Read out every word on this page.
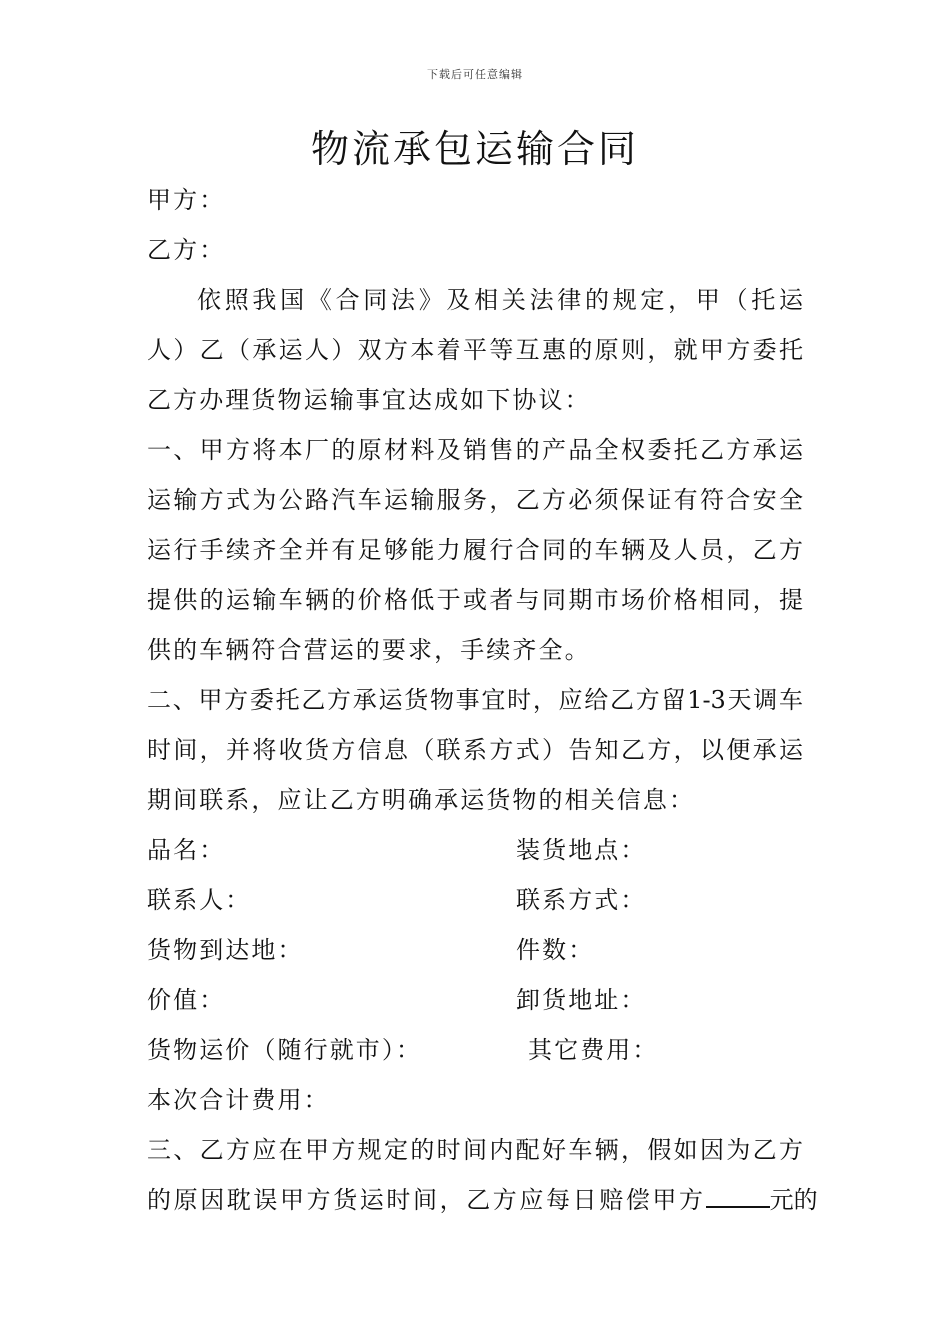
下载后可任意编辑
物流承包运输合同
甲方：
乙方：
依照我国《合同法》及相关法律的规定，甲（托运
人）乙（承运人）双方本着平等互惠的原则，就甲方委托
乙方办理货物运输事宜达成如下协议：
一、甲方将本厂的原材料及销售的产品全权委托乙方承运
运输方式为公路汽车运输服务，乙方必须保证有符合安全
运行手续齐全并有足够能力履行合同的车辆及人员，乙方
提供的运输车辆的价格低于或者与同期市场价格相同，提
供的车辆符合营运的要求，手续齐全。
二、甲方委托乙方承运货物事宜时，应给乙方留1-3天调车
时间，并将收货方信息（联系方式）告知乙方，以便承运
期间联系，应让乙方明确承运货物的相关信息：
品名：	装货地点：
联系人：	联系方式：
货物到达地：	件数：
价值：	卸货地址：
货物运价（随行就市）：	其它费用：
本次合计费用：
三、乙方应在甲方规定的时间内配好车辆，假如因为乙方
的原因耽误甲方货运时间，乙方应每日赔偿甲方	元的
